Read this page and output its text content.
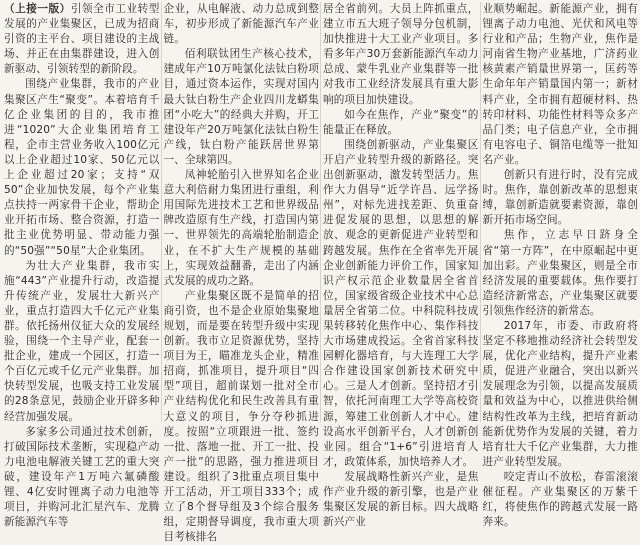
（上接一版）引领全市工业转型发展的产业集聚区，已成为招商引资的主平台、项目建设的主战场、并正在由集群建设，进入创新驱动、引领转型的新阶段。

围绕产业集群，我市的产业集聚区产生“聚变”。本着培育千亿企业集团的目的，我市推进“1020”大企业集团培育工程，企市主营业务收入100亿元以上企业超过10家、50亿元以上企业超过20家；支持“双50”企业加快发展，每个产业集点扶持一两家骨干企业，帮助企业开拓市场、整合资源，打造一批主业优势明显、带动能力强的“50强”“50星”大企业集团。

为壮大产业集群，我市实施“443”产业提升行动，改造提升传统产业，发展壮大新兴产业，重点打造四大千亿元产业集群。依托扬州仪征大众的发展经验，围绕一个主导产业，配套一批企业，建成一个园区，打造一个百亿元或千亿元产业集群。加快转型发展，也吸支持工业发展的28条意见，鼓励企业开辟多种经营加强发展。

多家多公司通过技术创新，打破国际技术垄断，实现稳产动力电池电解液关键工艺的重大突破，建设年产1万吨六氟磷酸锂、4亿安时锂离子动力电池等项目，并购河北汇星汽车、龙腾新能源汽车等

企业，从电解液、动力总成到整车，初步形成了新能源汽车产业链。

佰利联钛团生产核心技术，建成年产10万吨氯化法钛白粉项目，通过资本运作，实现对国内最大钛白粉生产企业四川龙蟒集团“小吃大”的经典大并购，开工建设年产20万吨氯化法钛白粉生产线，钛白粉产能跃居世界第一、全球第四。

凤神轮胎引入世界知名企业意大利倍耐力集团进行重组，利用国际先进技术工艺和世界级品牌改造原有生产线，打造国内第一、世界领先的高端轮胎制造企业，在不扩大生产规模的基础上，实现效益翻番，走出了内涵式发展的成功之路。

产业集聚区既不是简单的招商引资，也不是企业原始集聚地规划，而是要在转型升级中实现创新。我市立足资源优势，坚持项目为王，瞄准龙头企业，精准招商，抓准项目，提升项目“四型”项目，超前谋划一批对全市产业结构优化和民生改善具有重大意义的项目，争分夺秒抓进度。按照“立项跟进一批、签约一批、落地一批、开工一批、投产一批”的思路，强力推进项目建设。组织了3批重点项目集中开工活动，开工项目333个；成立了8个督导组及3个综合服务组，定期督导调度，我市重大项目考核排名

居全省前列。大员上阵抓重点，建立市五大班子领导分包机制，加快推进十大工业产业项目。多看多年产30万套新能源汽车动力总成、蒙牛乳业产业集群等一批对我市工业经济发展具有重大影响的项目加快建设。

如今在焦作，产业“聚变”的能量正在释放。

围绕创新驱动，产业集聚区开启产业转型升级的新路径。突出创新驱动，激发转型活力。焦作大力倡导“近学许昌、远学扬州”，对标先进找差距、负重奋进促发展的思想，以思想的解放、观念的更新促进产业转型和跨越发展。焦作在全省率先开展企业创新能力评价工作，国家知识产权示范企业数量居全省首位，国家级省级企业技术中心总量居全省第二位。中科院科技成果转移转化焦作中心、集作科技大市场建成投运。全省首家科技园孵化器培育，与大连理工大学合作建设国家创新技术研究中心。三是人才创新。坚持招才引智，依托河南理工大学等高校资源，筹建工业创新人才中心。建设高水平创新平台，人才创新创业园。组合“1+6”引进培育人才，政策体系，加快培养人才。

发展战略性新兴产业，是焦作产业升级的新引擎，也是产业集聚区发展的新目标。四大战略新兴产业

业顺势崛起。新能源产业，拥有锂离子动力电池、光伏和风电等行业和产品；生物产业，焦作是河南省生物产业基地，广济药业核黄素产销量世界第一，匡药等生命年年产销量国内第一；新材料产业，全市拥有超硬材料、热转印材料、功能性材料等众多产品门类；电子信息产业，全市拥有电容电子、铜箔电缆等一批知名产业。

创新只有进行时，没有完成时。焦作，靠创新改革的思想束缚，靠创新造就要素资源，靠创新开拓市场空间。

焦作，立志早日跻身全省“第一方阵”，在中原崛起中更加出彩。产业集聚区，则是全市经济发展的重要载体。焦作要打造经济新常态，产业集聚区就要引领焦作经济的新常态。

2017年，市委、市政府将坚定不移地推动经济社会转型发展，优化产业结构，提升产业素质，促进产业融合，突出以新兴发展理念为引领，以提高发展质量和效益为中心，以推进供给侧结构性改革为主线，把培育新动能新优势作为发展的关键，着力培育壮大千亿产业集群，大力推进产业转型发展。

咬定青山不放松，春雷滚滚催征程。产业集聚区的万紫千红，将使焦作的跨越式发展一路奔来。
